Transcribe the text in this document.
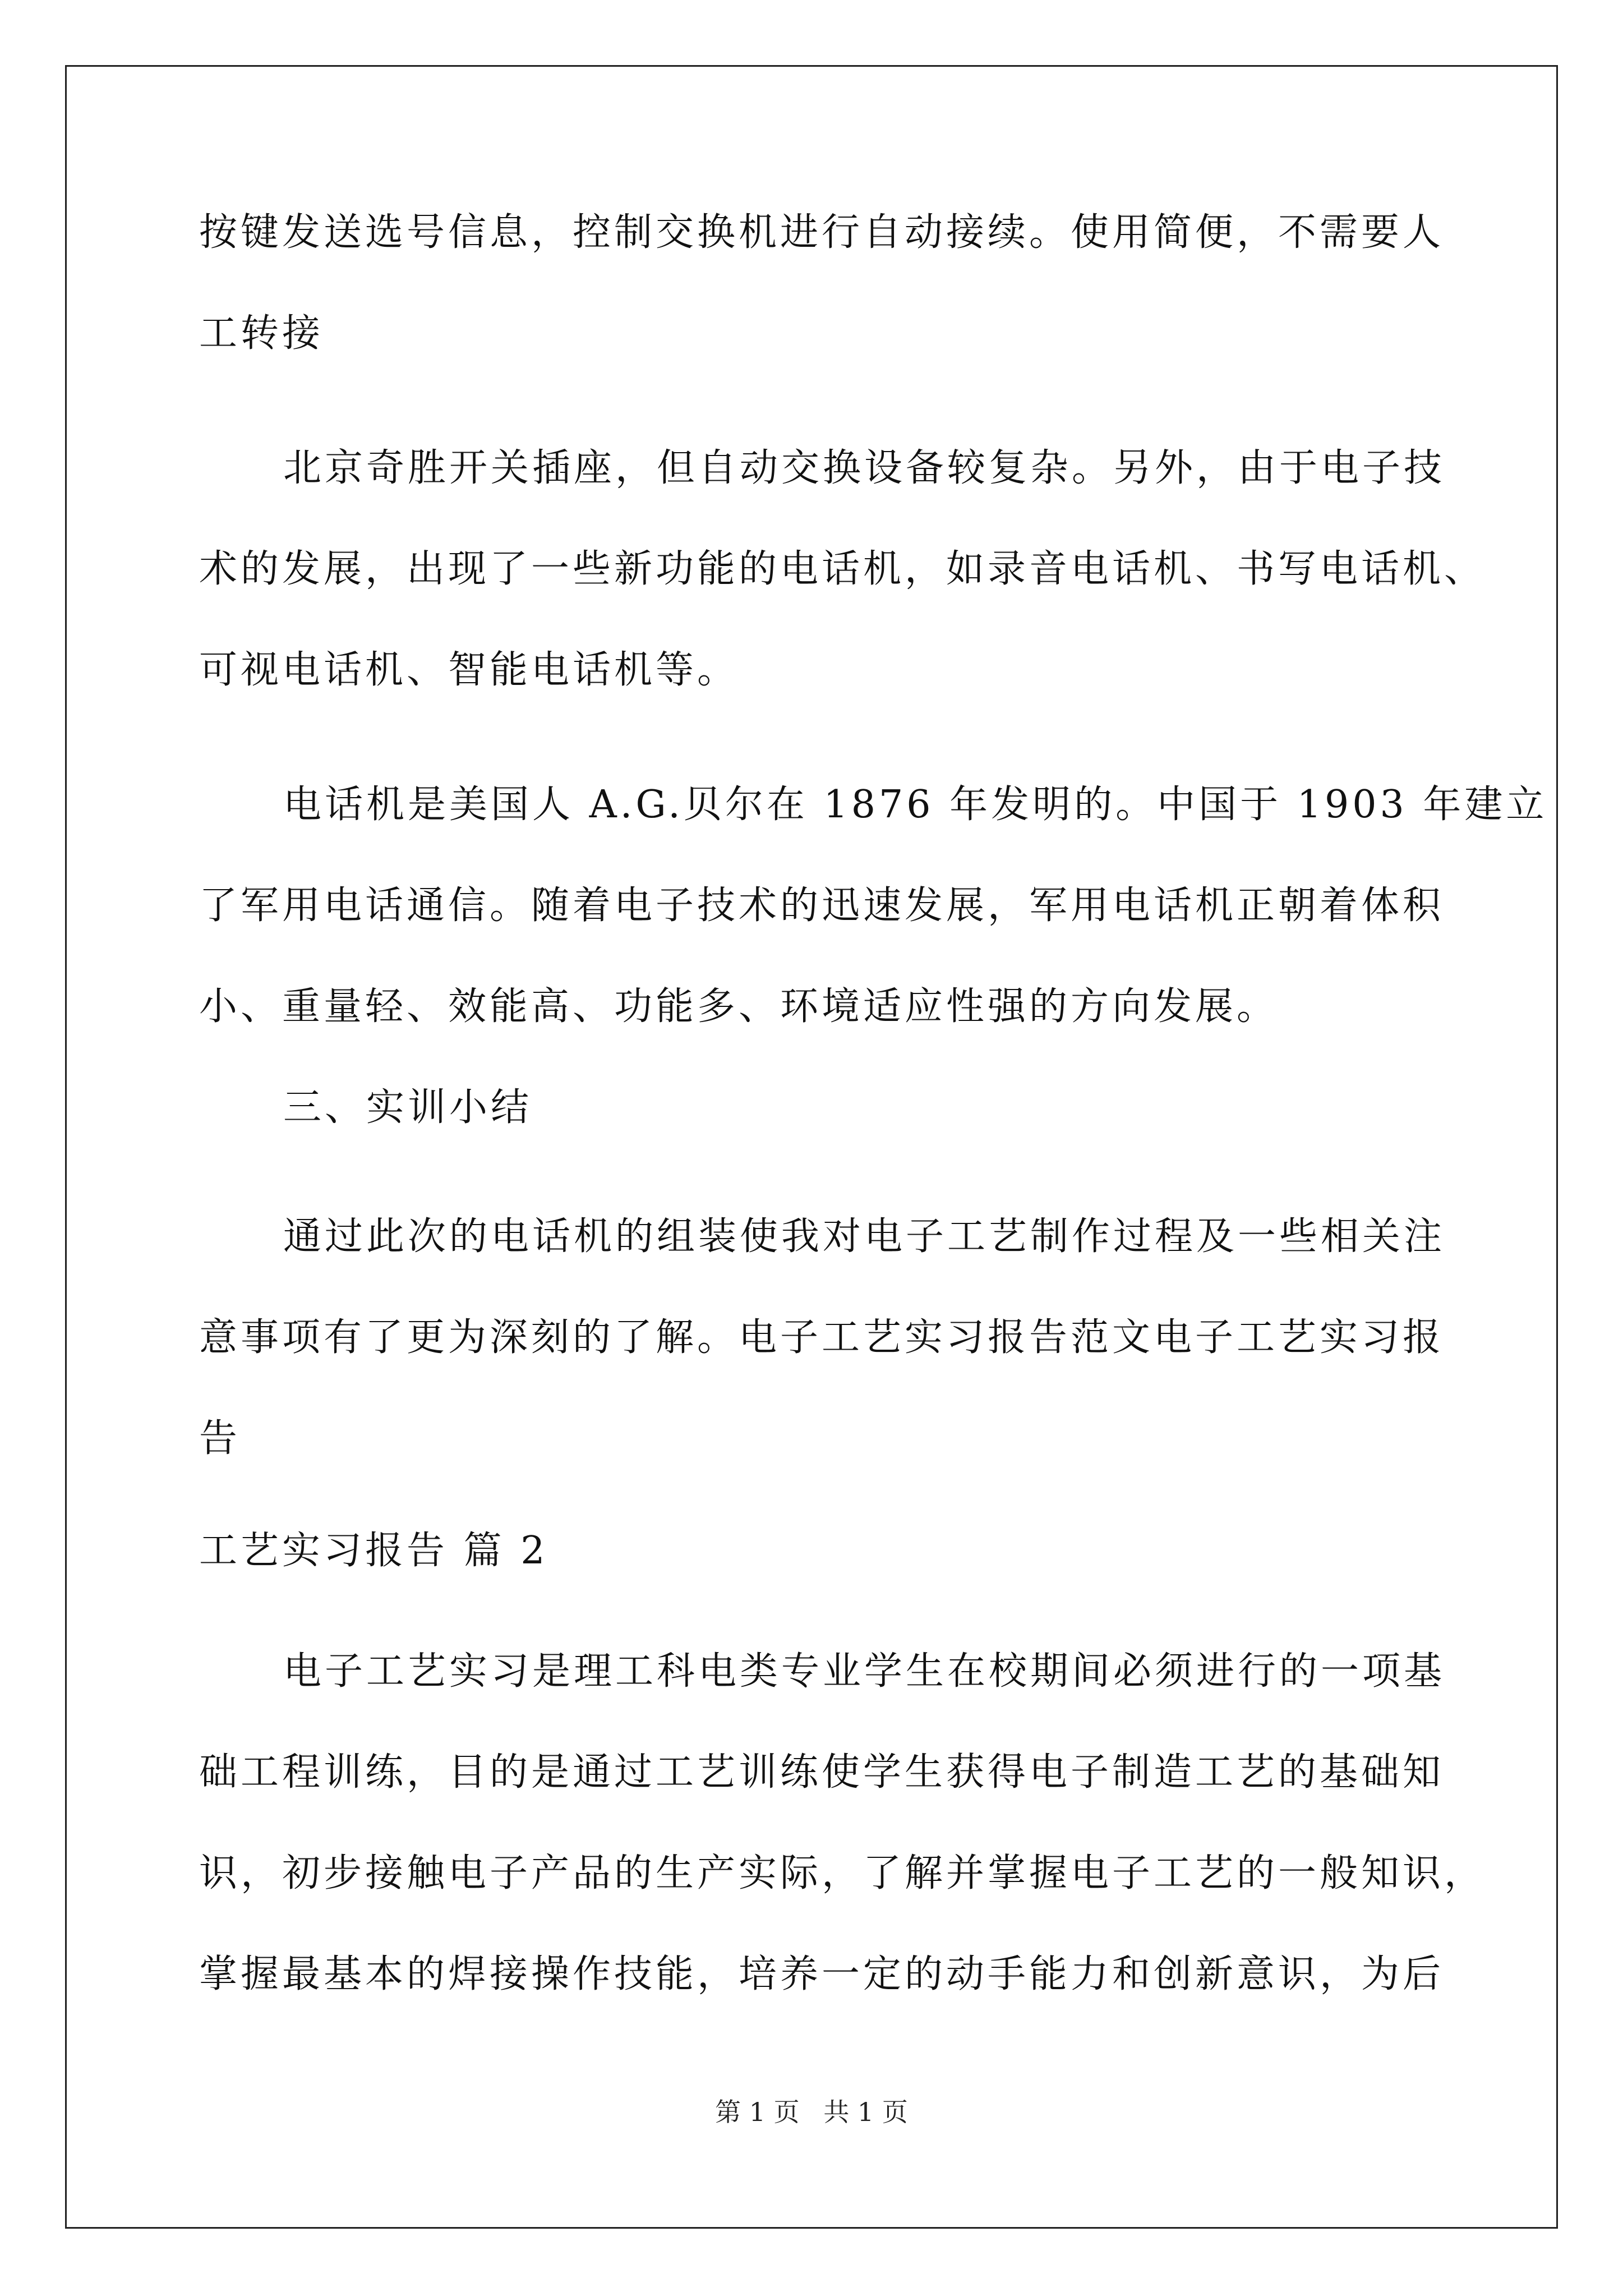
按键发送选号信息，控制交换机进行自动接续。使用简便，不需要人
工转接
北京奇胜开关插座，但自动交换设备较复杂。另外，由于电子技
术的发展，出现了一些新功能的电话机，如录音电话机、书写电话机、
可视电话机、智能电话机等。
电话机是美国人 A.G.贝尔在 1876 年发明的。中国于 1903 年建立
了军用电话通信。随着电子技术的迅速发展，军用电话机正朝着体积
小、重量轻、效能高、功能多、环境适应性强的方向发展。
三、实训小结
通过此次的电话机的组装使我对电子工艺制作过程及一些相关注
意事项有了更为深刻的了解。电子工艺实习报告范文电子工艺实习报
告
工艺实习报告 篇 2
电子工艺实习是理工科电类专业学生在校期间必须进行的一项基
础工程训练，目的是通过工艺训练使学生获得电子制造工艺的基础知
识，初步接触电子产品的生产实际，了解并掌握电子工艺的一般知识，
掌握最基本的焊接操作技能，培养一定的动手能力和创新意识，为后
第 1 页 共 1 页
